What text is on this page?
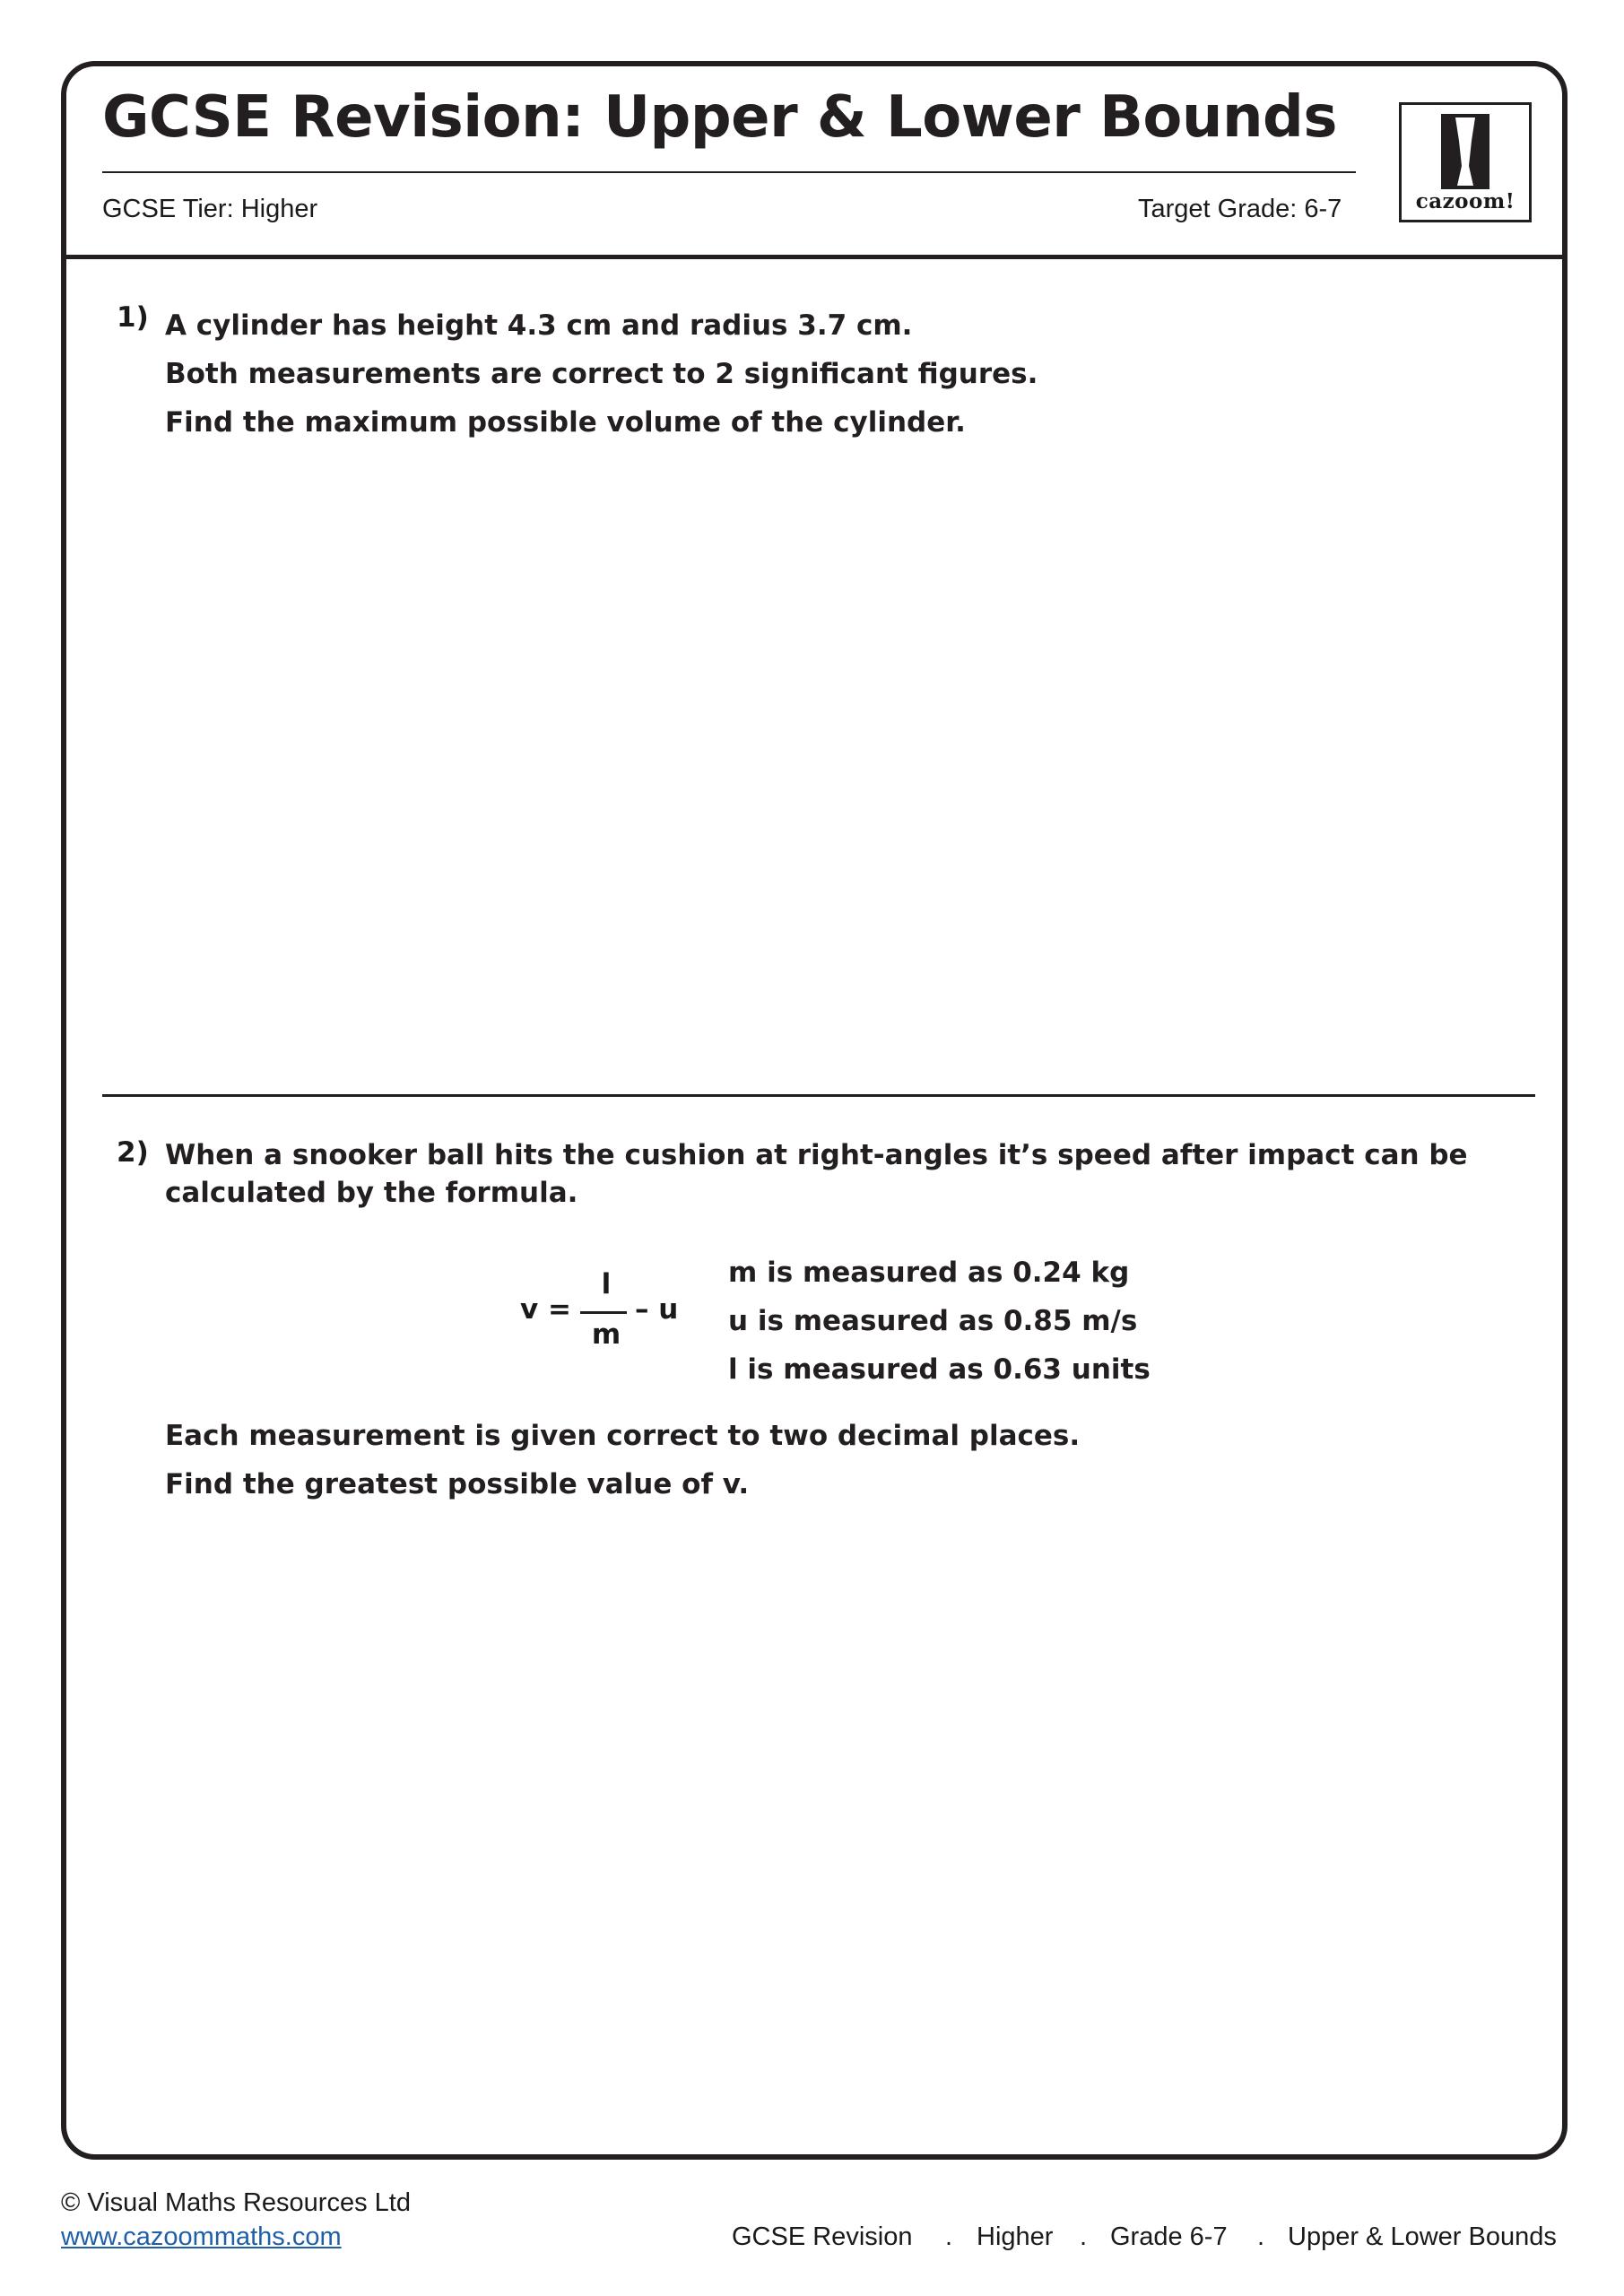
GCSE Revision: Upper & Lower Bounds
GCSE Tier: Higher	Target Grade: 6-7	cazoom!
1) A cylinder has height 4.3 cm and radius 3.7 cm.
Both measurements are correct to 2 significant figures.
Find the maximum possible volume of the cylinder.
2) When a snooker ball hits the cushion at right-angles it’s speed after impact can be
calculated by the formula.
v =
l
m
– u
m is measured as 0.24 kg
u is measured as 0.85 m/s
l is measured as 0.63 units
Each measurement is given correct to two decimal places.
Find the greatest possible value of v.
© Visual Maths Resources Ltd
www.cazoommaths.com	GCSE Revision . Higher . Grade 6-7 . Upper & Lower Bounds
